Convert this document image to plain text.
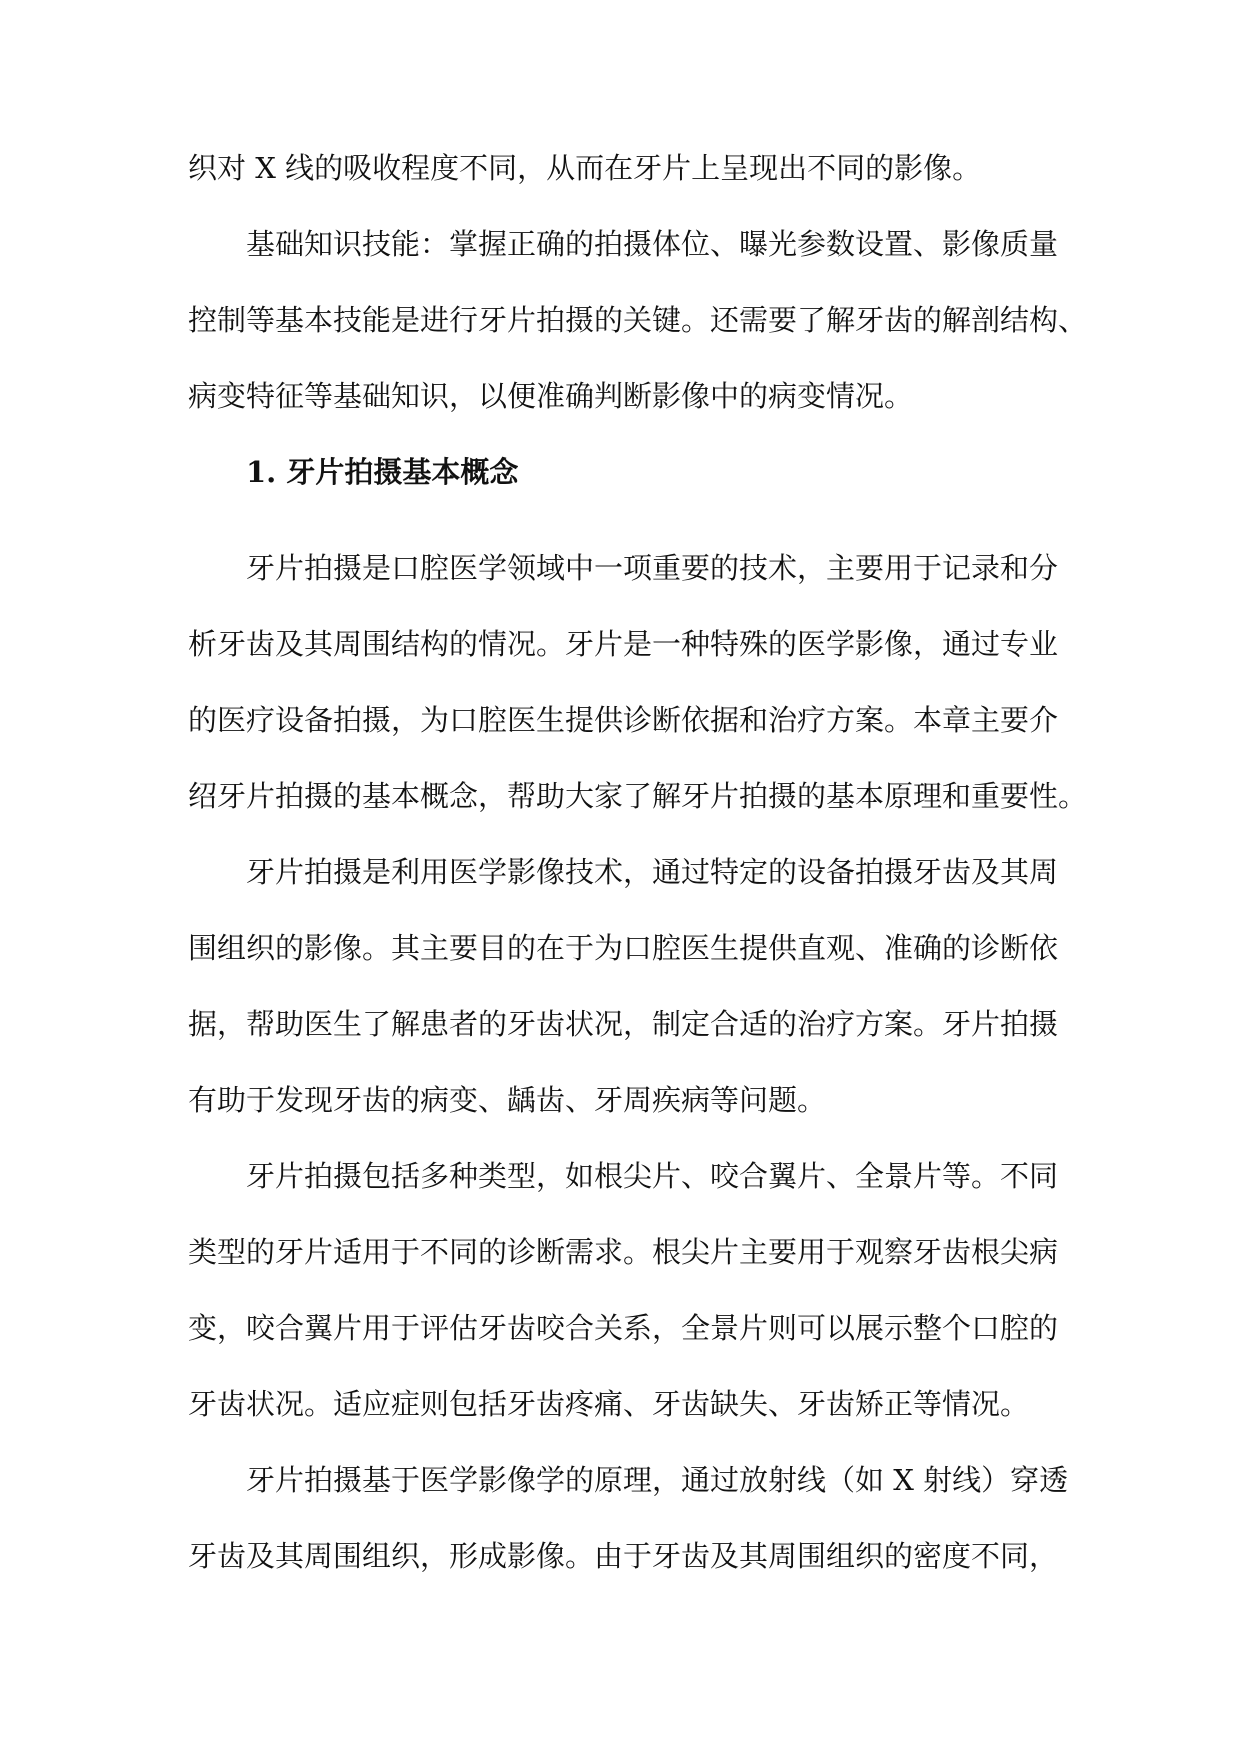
织对 X 线的吸收程度不同，从而在牙片上呈现出不同的影像。
基础知识技能：掌握正确的拍摄体位、曝光参数设置、影像质量
控制等基本技能是进行牙片拍摄的关键。还需要了解牙齿的解剖结构、
病变特征等基础知识，以便准确判断影像中的病变情况。
1. 牙片拍摄基本概念
牙片拍摄是口腔医学领域中一项重要的技术，主要用于记录和分
析牙齿及其周围结构的情况。牙片是一种特殊的医学影像，通过专业
的医疗设备拍摄，为口腔医生提供诊断依据和治疗方案。本章主要介
绍牙片拍摄的基本概念，帮助大家了解牙片拍摄的基本原理和重要性。
牙片拍摄是利用医学影像技术，通过特定的设备拍摄牙齿及其周
围组织的影像。其主要目的在于为口腔医生提供直观、准确的诊断依
据，帮助医生了解患者的牙齿状况，制定合适的治疗方案。牙片拍摄
有助于发现牙齿的病变、龋齿、牙周疾病等问题。
牙片拍摄包括多种类型，如根尖片、咬合翼片、全景片等。不同
类型的牙片适用于不同的诊断需求。根尖片主要用于观察牙齿根尖病
变，咬合翼片用于评估牙齿咬合关系，全景片则可以展示整个口腔的
牙齿状况。适应症则包括牙齿疼痛、牙齿缺失、牙齿矫正等情况。
牙片拍摄基于医学影像学的原理，通过放射线（如 X 射线）穿透
牙齿及其周围组织，形成影像。由于牙齿及其周围组织的密度不同，
